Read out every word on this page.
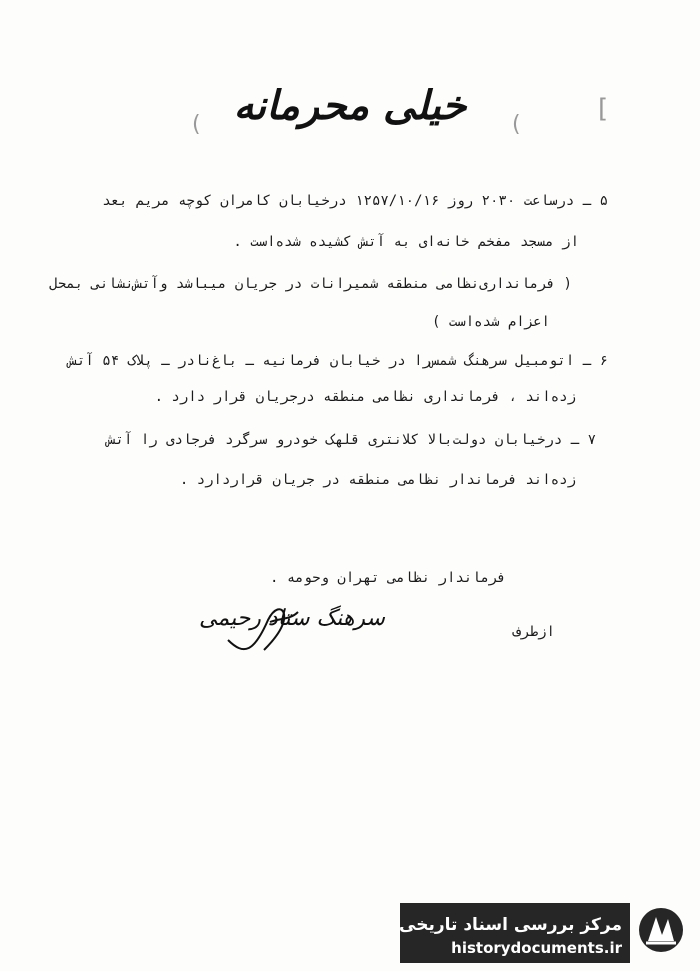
(	(
[
خیلی محرمانه
۵ ـ درساعت ۲۰۳۰ روز ۱۲۵۷/۱۰/۱۶ درخیابان کامران کوچه مریم بعد
از مسجد مفخم خانه‌ای به آتش کشیده شده‌است .
( فرمانداری‌نظامی منطقه شمیرانات در جریان میباشد وآتش‌نشانی بمحل
اعزام شده‌است )
۶ ـ اتومبیل سرهنگ شمس‌را در خیابان فرمانیه ـ باغ‌نادر ـ پلاک ۵۴ آتش
زده‌اند ، فرمانداری نظامی منطقه درجریان قرار دارد .
۷ ـ درخیابان دولت‌بالا کلانتری قلهک خودرو سرگرد فرجادی را آتش
زده‌اند فرماندار نظامی منطقه در جریان قراردارد .
فرماندار نظامی تهران وحومه .
ازطرف
سرهنگ ستاد رحیمی
مرکز بررسی اسناد تاریخی
historydocuments.ir
